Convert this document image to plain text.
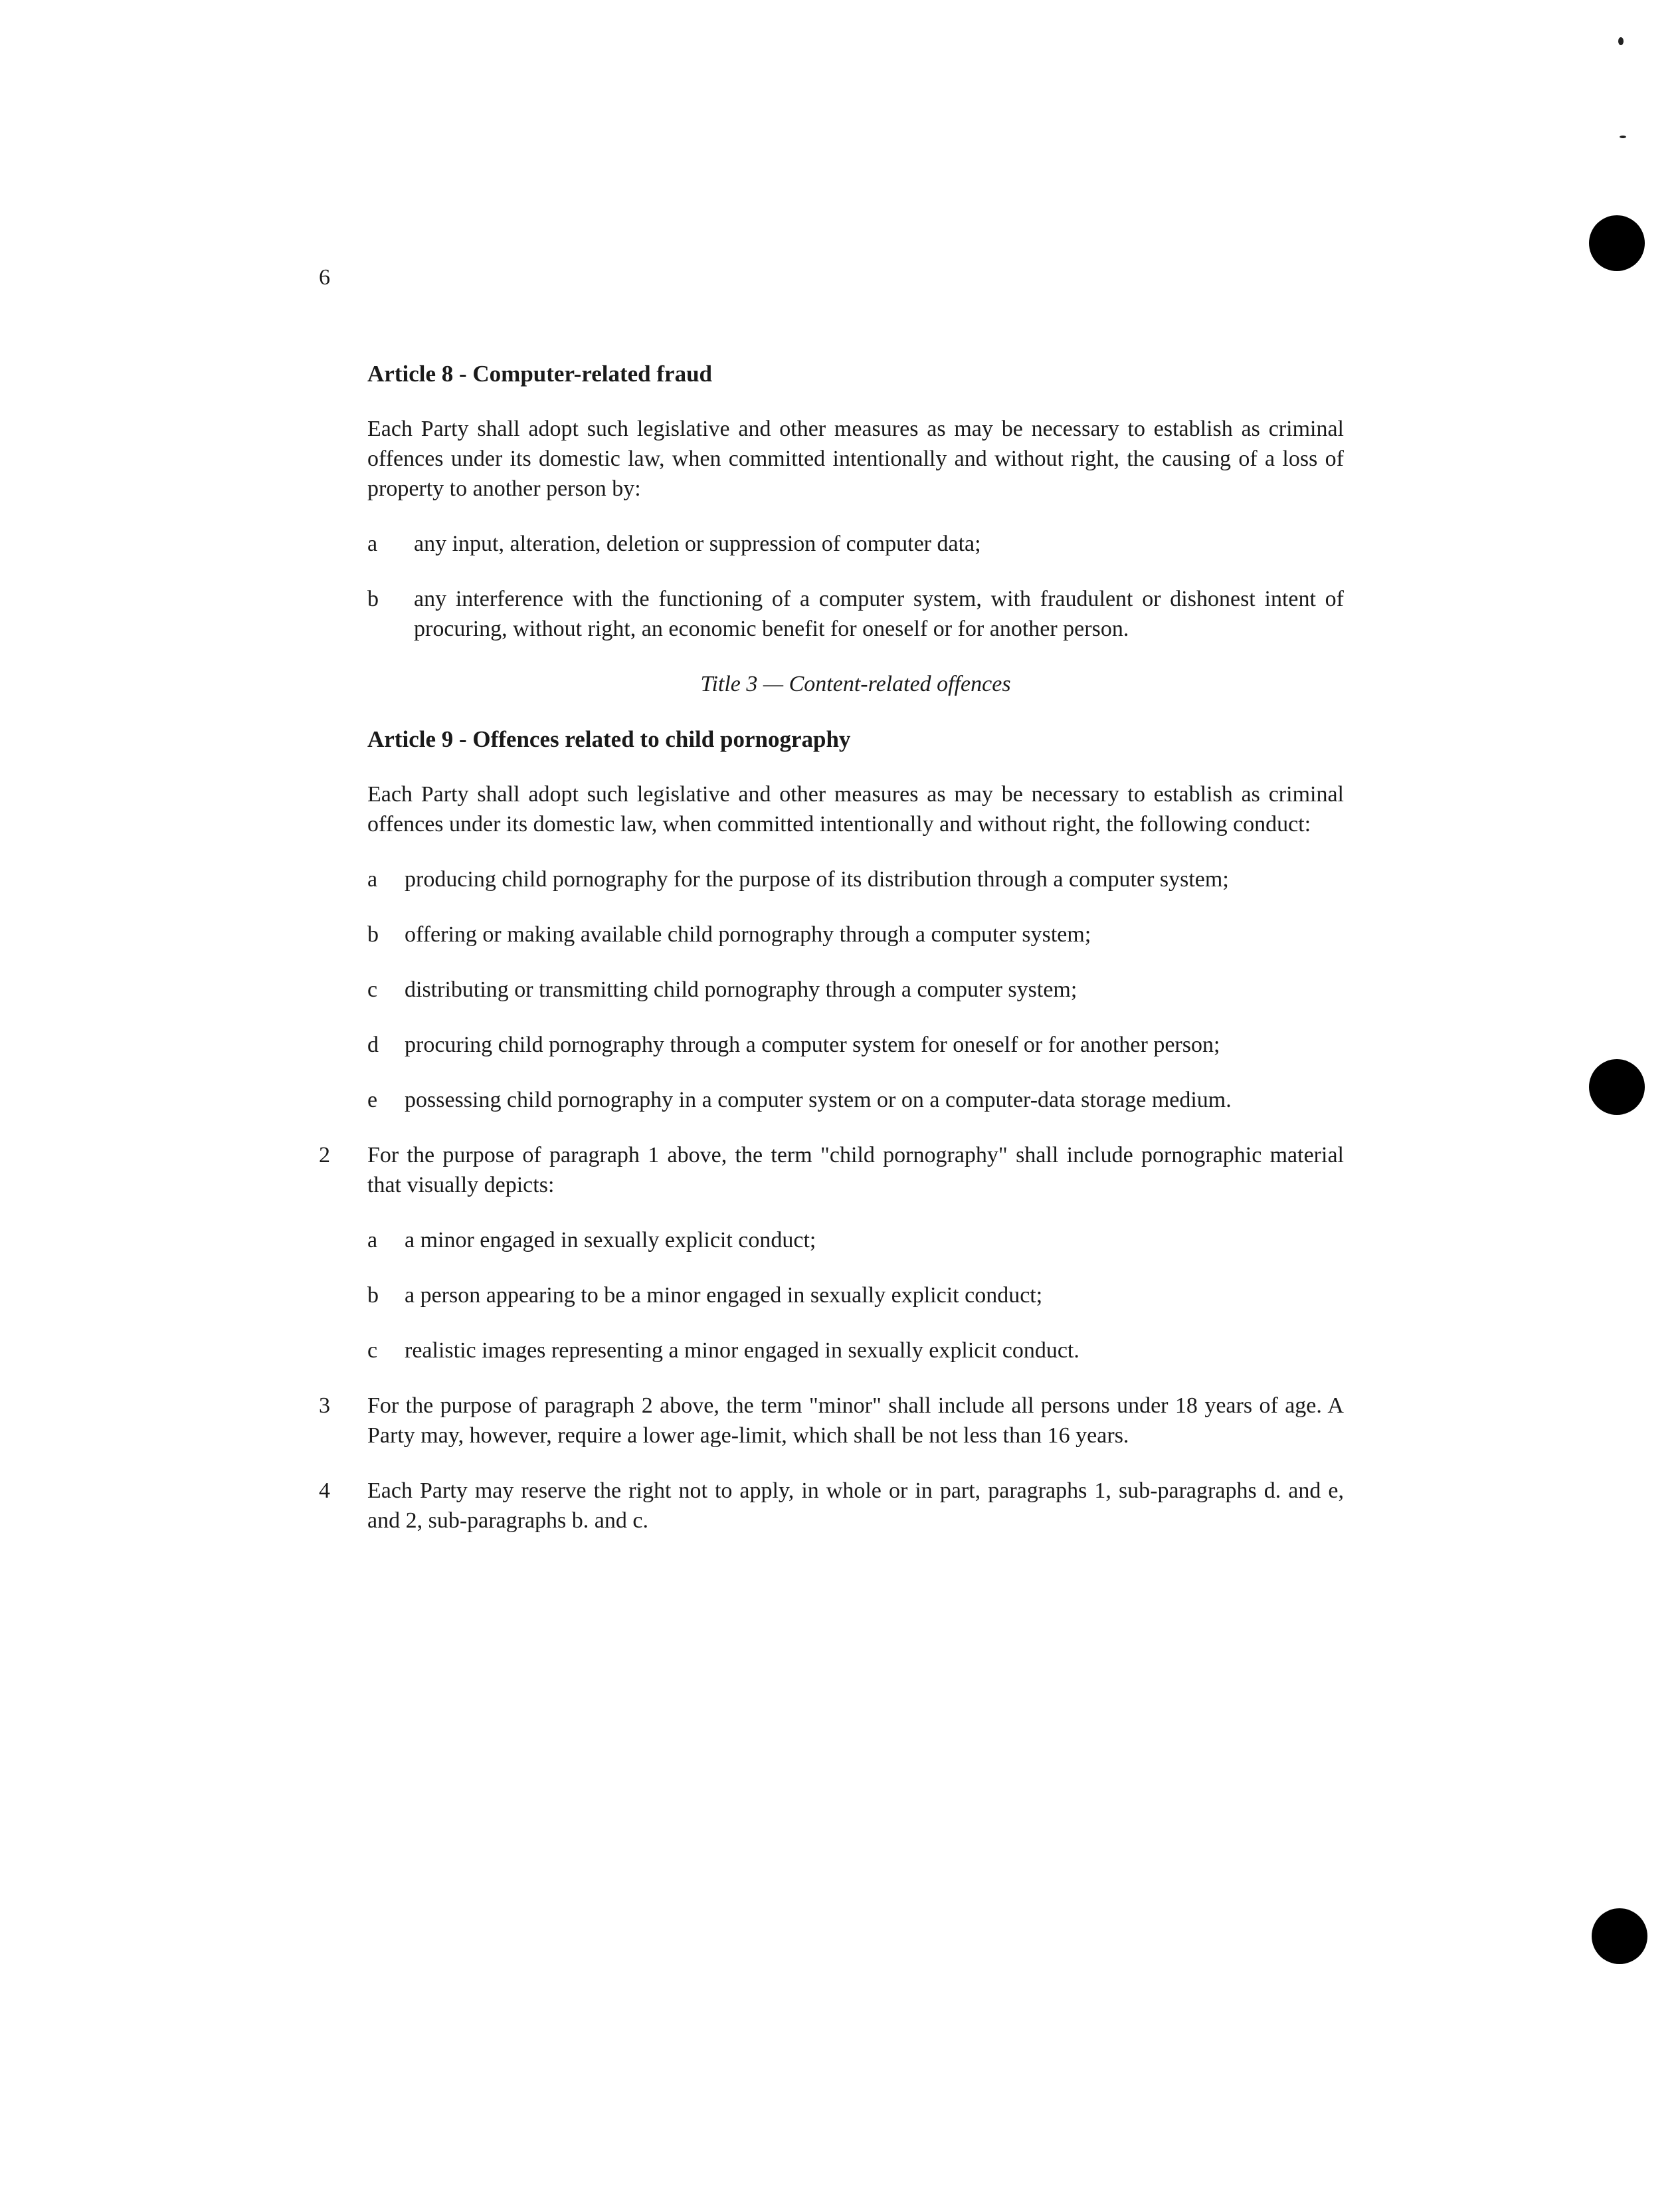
6
Article 8 - Computer-related fraud
Each Party shall adopt such legislative and other measures as may be necessary to establish as criminal offences under its domestic law, when committed intentionally and without right, the causing of a loss of property to another person by:
a	any input, alteration, deletion or suppression of computer data;
b	any interference with the functioning of a computer system, with fraudulent or dishonest intent of procuring, without right, an economic benefit for oneself or for another person.
Title 3 — Content-related offences
Article 9 - Offences related to child pornography
Each Party shall adopt such legislative and other measures as may be necessary to establish as criminal offences under its domestic law, when committed intentionally and without right, the following conduct:
a	producing child pornography for the purpose of its distribution through a computer system;
b	offering or making available child pornography through a computer system;
c	distributing or transmitting child pornography through a computer system;
d	procuring child pornography through a computer system for oneself or for another person;
e	possessing child pornography in a computer system or on a computer-data storage medium.
2 For the purpose of paragraph 1 above, the term "child pornography" shall include pornographic material that visually depicts:
a	a minor engaged in sexually explicit conduct;
b	a person appearing to be a minor engaged in sexually explicit conduct;
c	realistic images representing a minor engaged in sexually explicit conduct.
3 For the purpose of paragraph 2 above, the term "minor" shall include all persons under 18 years of age. A Party may, however, require a lower age-limit, which shall be not less than 16 years.
4 Each Party may reserve the right not to apply, in whole or in part, paragraphs 1, sub-paragraphs d. and e, and 2, sub-paragraphs b. and c.
